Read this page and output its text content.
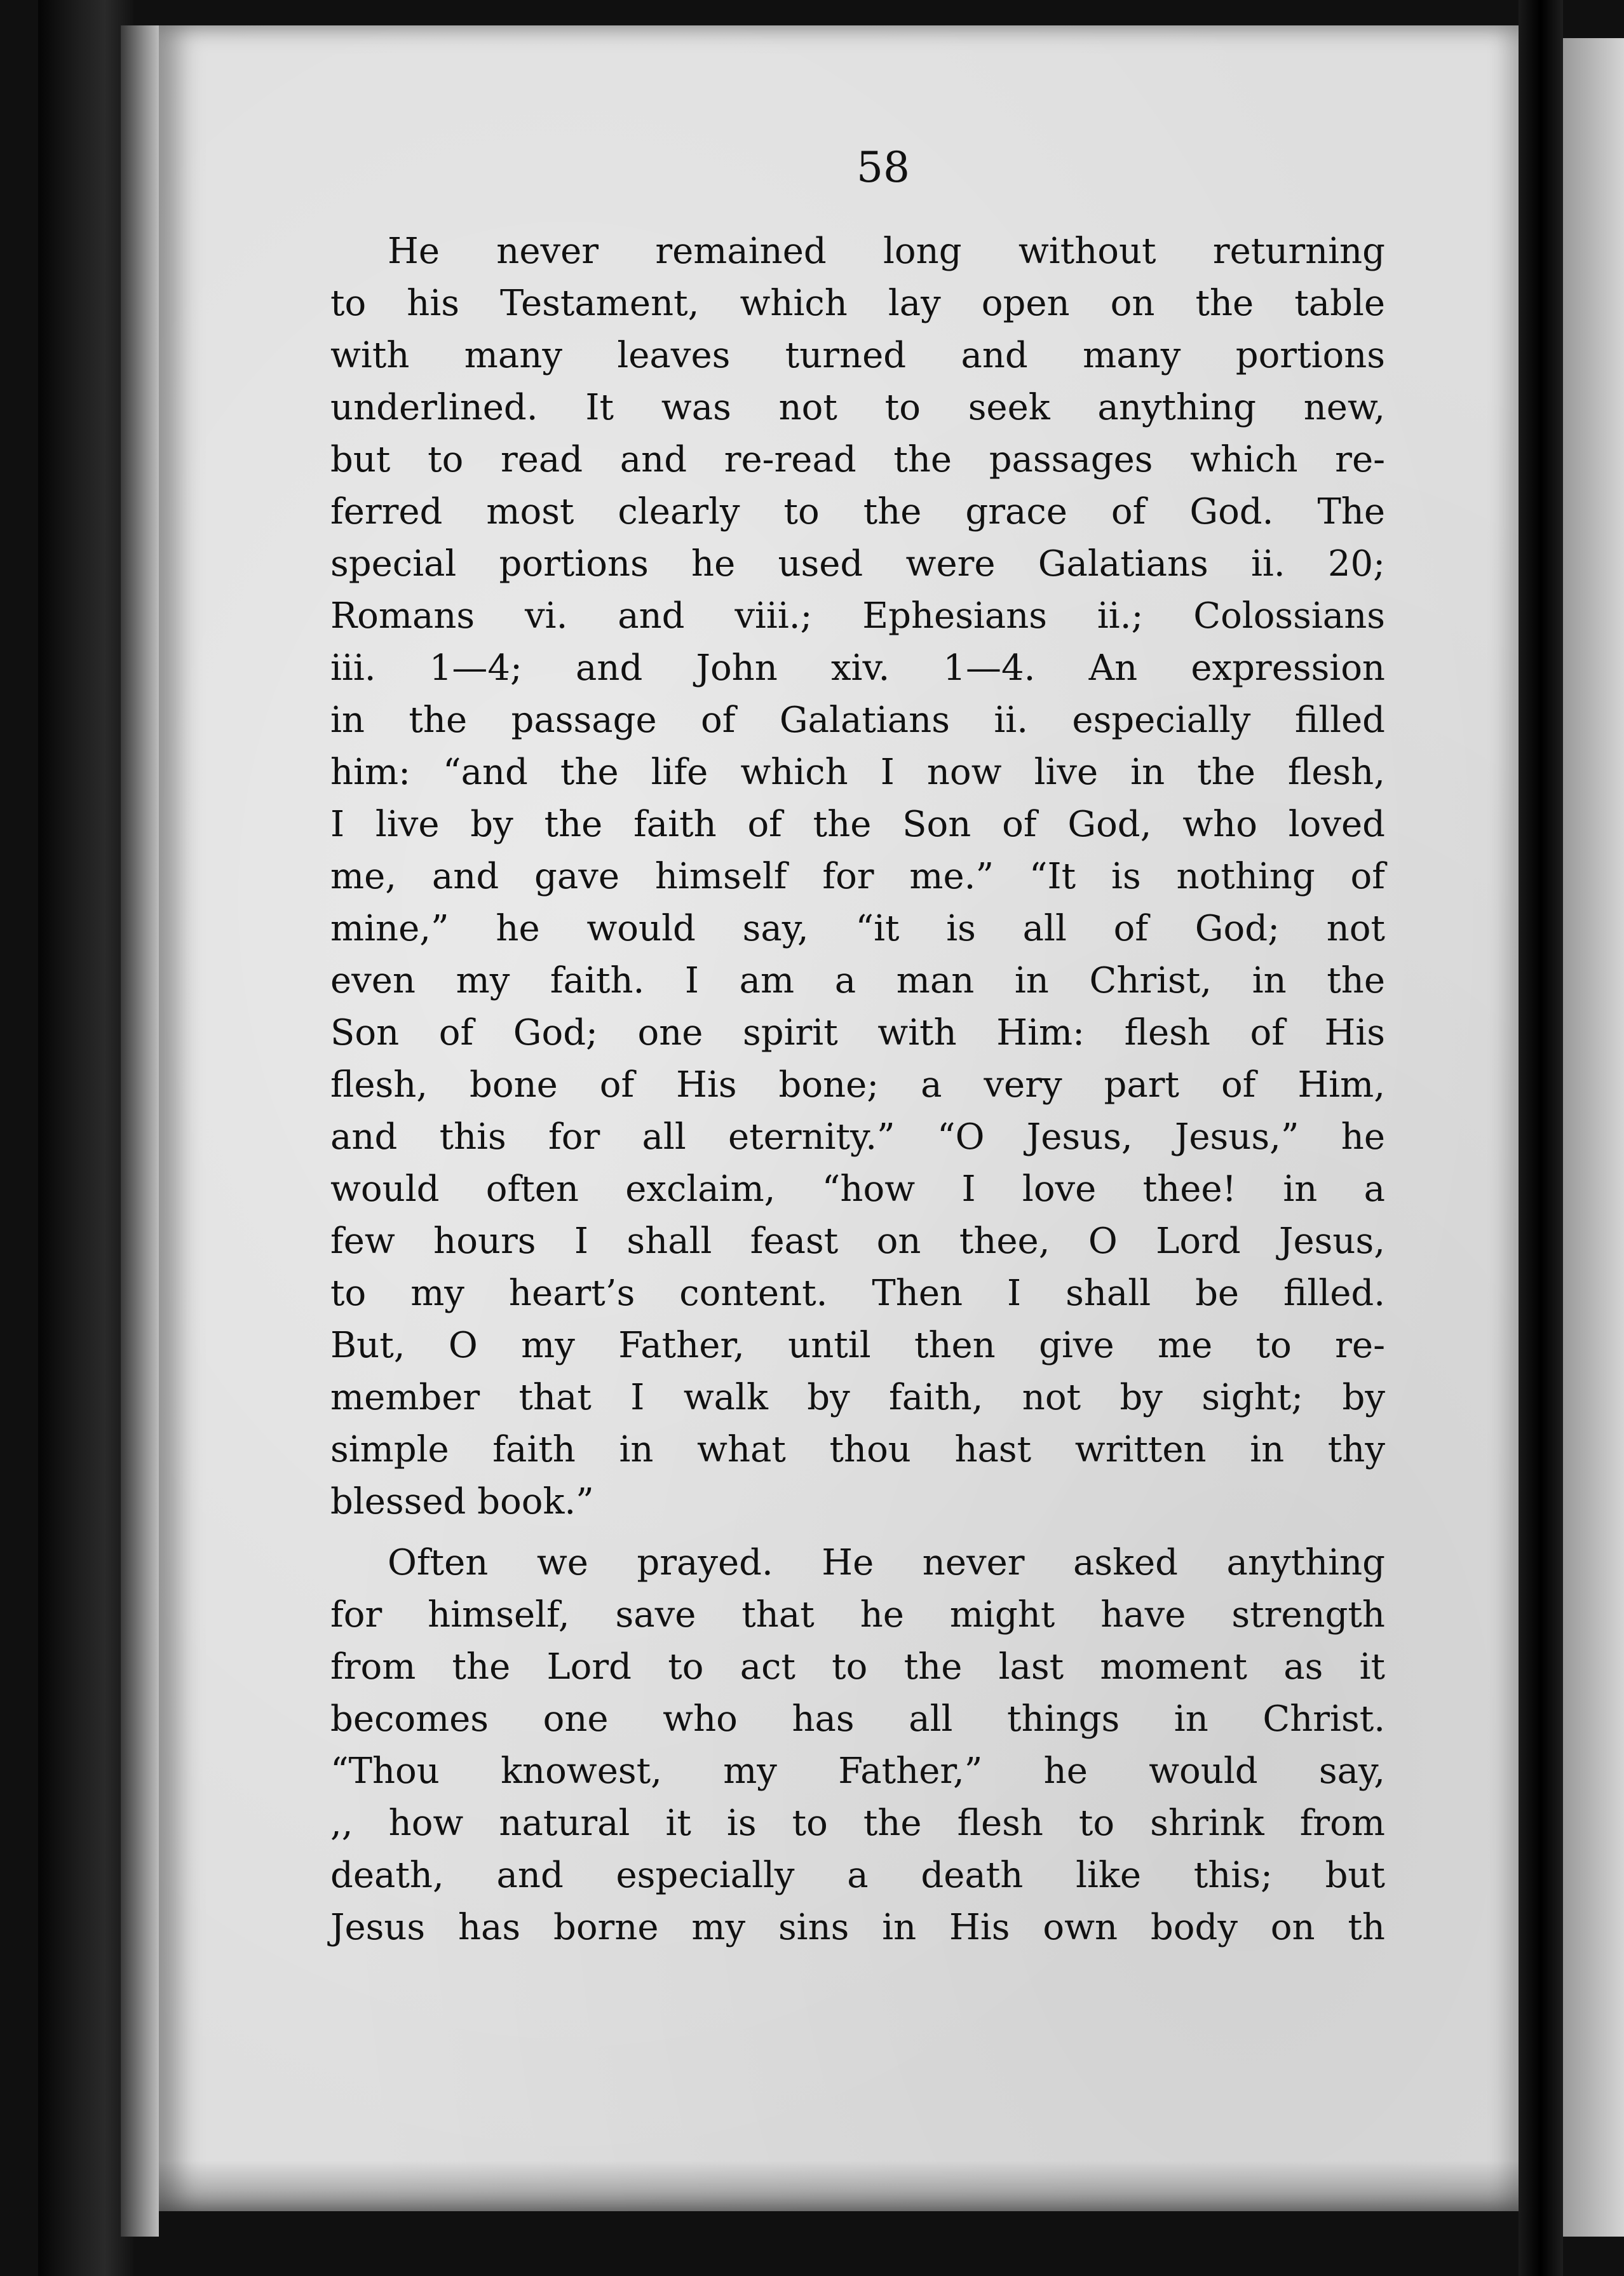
58
He never remained long without returning
to his Testament, which lay open on the table
with many leaves turned and many portions
underlined. It was not to seek anything new,
but to read and re-read the passages which re-
ferred most clearly to the grace of God. The
special portions he used were Galatians ii. 20;
Romans vi. and viii.; Ephesians ii.; Colossians
iii. 1—4; and John xiv. 1—4. An expression
in the passage of Galatians ii. especially filled
him: “and the life which I now live in the flesh,
I live by the faith of the Son of God, who loved
me, and gave himself for me.” “It is nothing of
mine,” he would say, “it is all of God; not
even my faith. I am a man in Christ, in the
Son of God; one spirit with Him: flesh of His
flesh, bone of His bone; a very part of Him,
and this for all eternity.” “O Jesus, Jesus,” he
would often exclaim, “how I love thee! in a
few hours I shall feast on thee, O Lord Jesus,
to my heart’s content. Then I shall be filled.
But, O my Father, until then give me to re-
member that I walk by faith, not by sight; by
simple faith in what thou hast written in thy
blessed book.”
Often we prayed. He never asked anything
for himself, save that he might have strength
from the Lord to act to the last moment as it
becomes one who has all things in Christ.
“Thou knowest, my Father,” he would say,
,, how natural it is to the flesh to shrink from
death, and especially a death like this; but
Jesus has borne my sins in His own body on th
